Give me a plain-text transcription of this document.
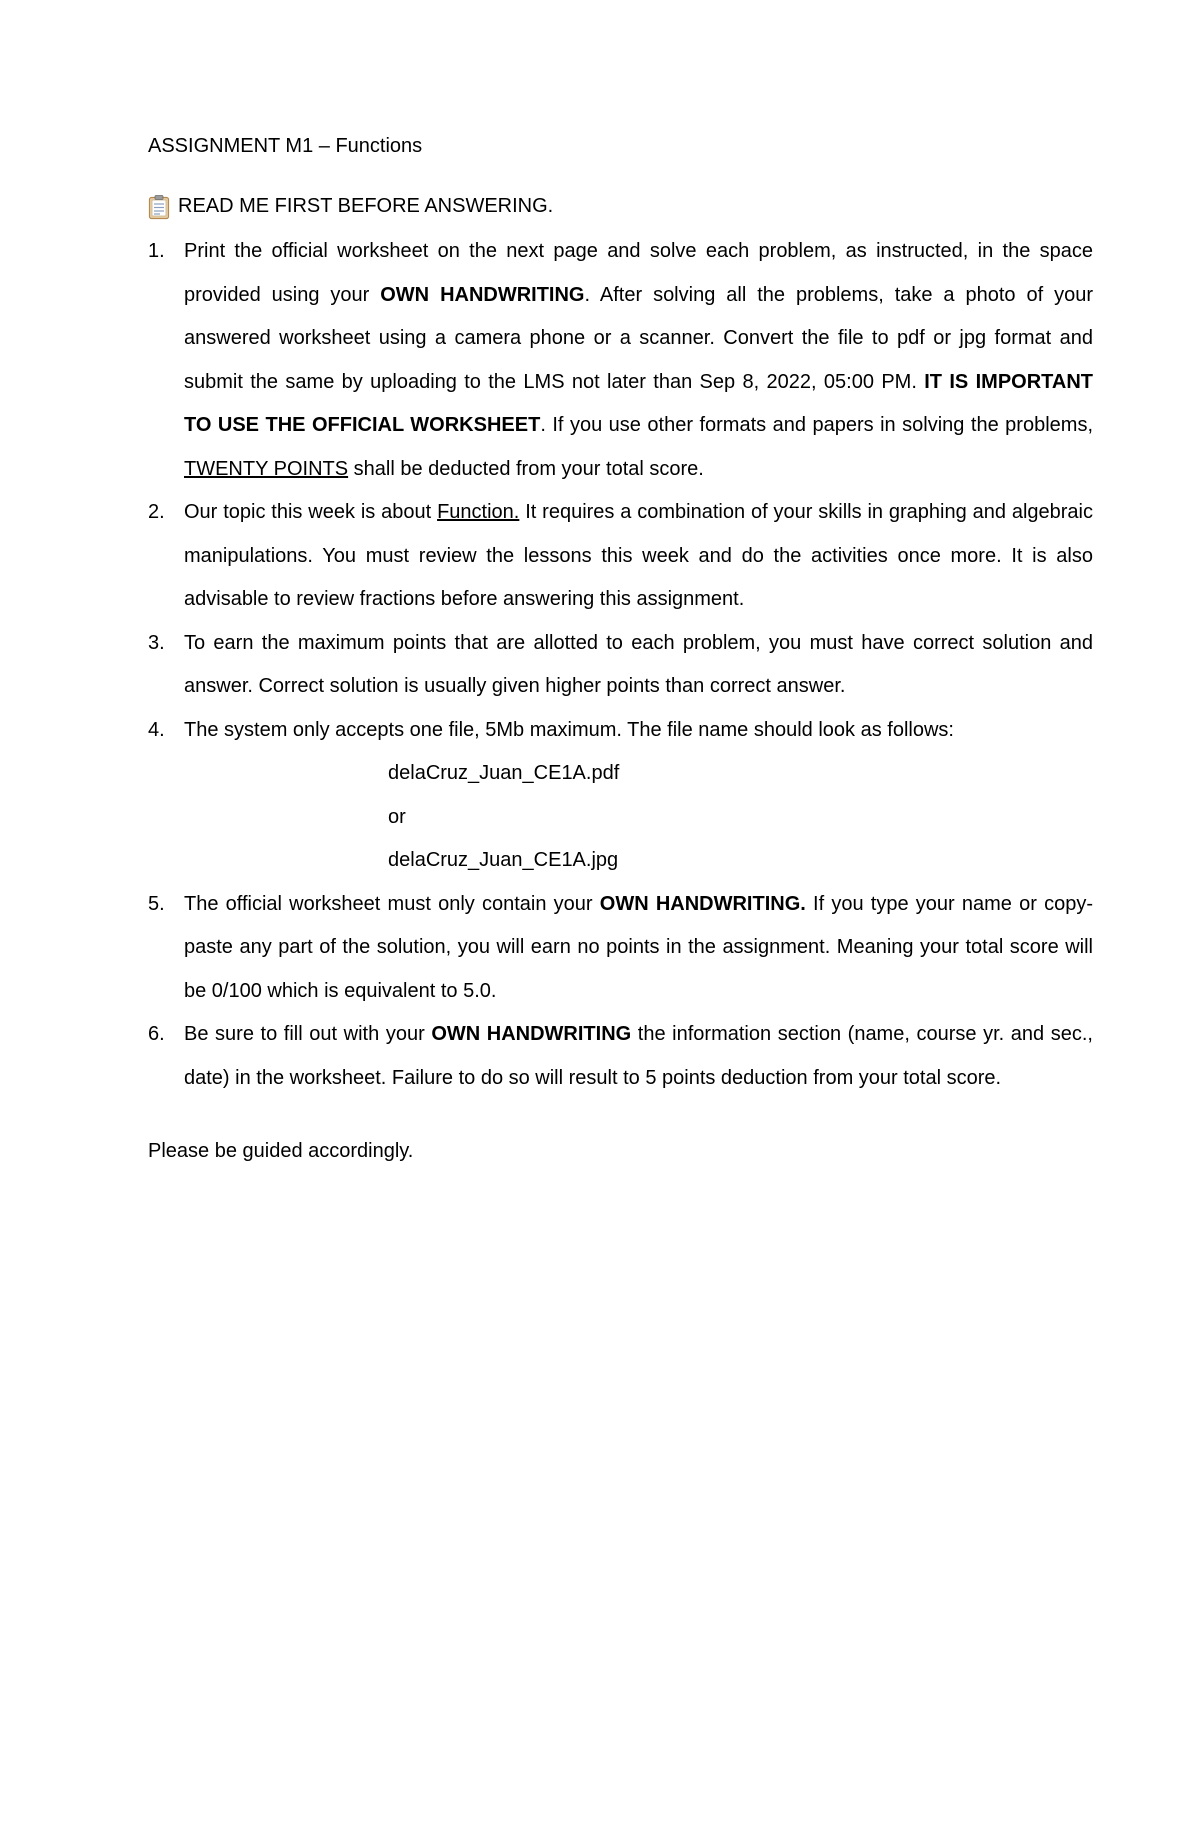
ASSIGNMENT M1 – Functions
READ ME FIRST BEFORE ANSWERING.
1. Print the official worksheet on the next page and solve each problem, as instructed, in the space provided using your OWN HANDWRITING. After solving all the problems, take a photo of your answered worksheet using a camera phone or a scanner. Convert the file to pdf or jpg format and submit the same by uploading to the LMS not later than Sep 8, 2022, 05:00 PM. IT IS IMPORTANT TO USE THE OFFICIAL WORKSHEET. If you use other formats and papers in solving the problems, TWENTY POINTS shall be deducted from your total score.
2. Our topic this week is about Function. It requires a combination of your skills in graphing and algebraic manipulations. You must review the lessons this week and do the activities once more. It is also advisable to review fractions before answering this assignment.
3. To earn the maximum points that are allotted to each problem, you must have correct solution and answer. Correct solution is usually given higher points than correct answer.
4. The system only accepts one file, 5Mb maximum. The file name should look as follows:
delaCruz_Juan_CE1A.pdf
or
delaCruz_Juan_CE1A.jpg
5. The official worksheet must only contain your OWN HANDWRITING. If you type your name or copy-paste any part of the solution, you will earn no points in the assignment. Meaning your total score will be 0/100 which is equivalent to 5.0.
6. Be sure to fill out with your OWN HANDWRITING the information section (name, course yr. and sec., date) in the worksheet. Failure to do so will result to 5 points deduction from your total score.
Please be guided accordingly.
